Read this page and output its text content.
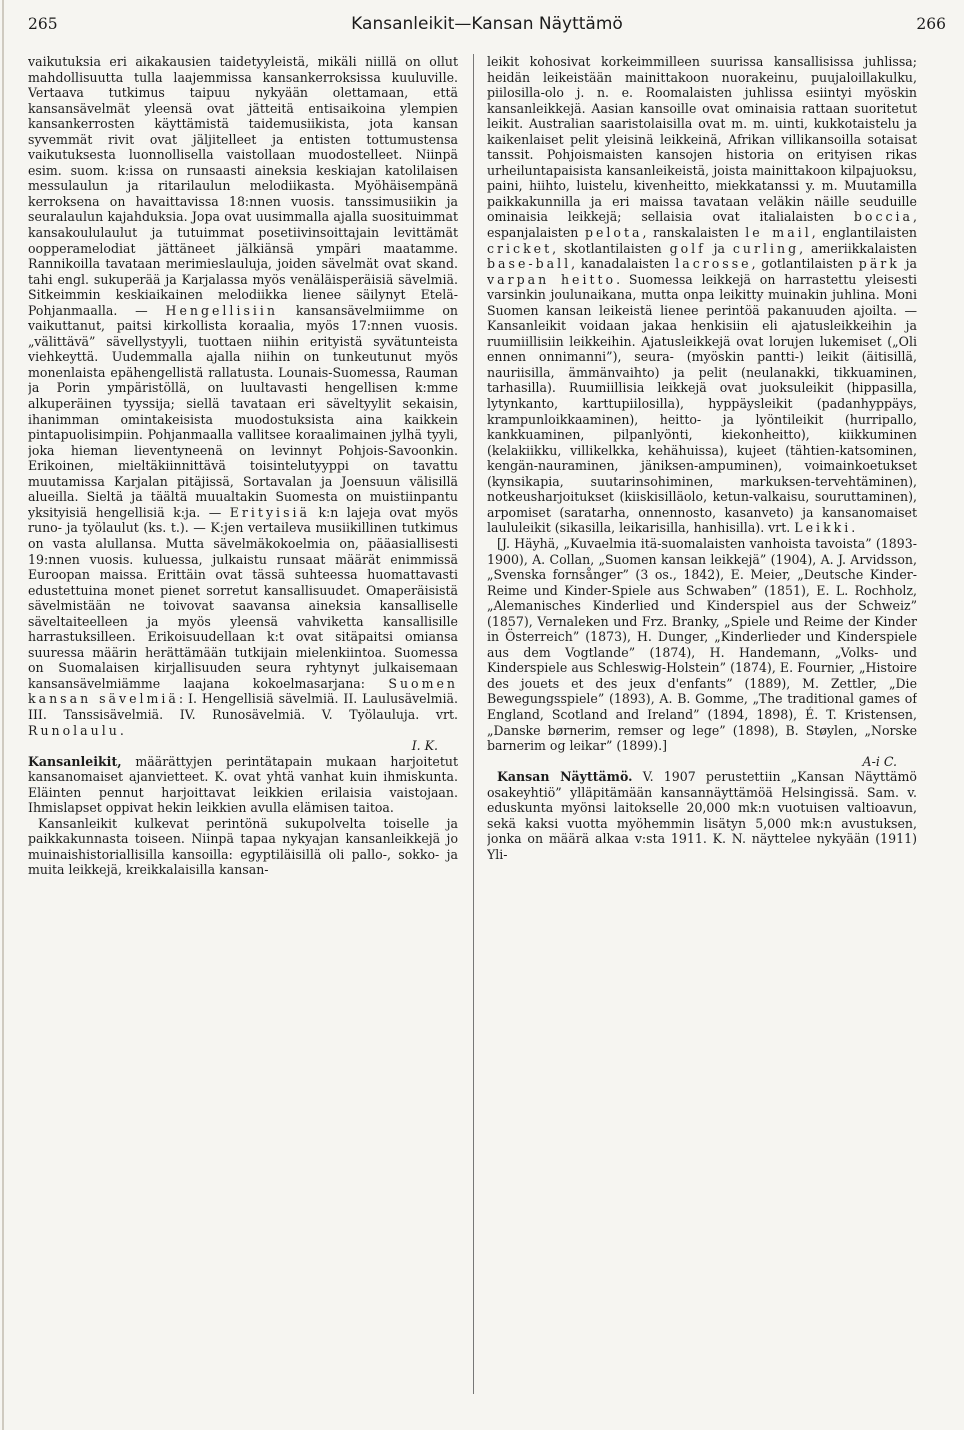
265	Kansanleikit—Kansan Näyttämö	266

vaikutuksia eri aikakausien taidetyyleistä, mikäli niillä on ollut mahdollisuutta tulla laajemmissa kansankerroksissa kuuluville. Vertaava tutkimus taipuu nykyään olettamaan, että kansansävelmät yleensä ovat jätteitä entisaikoina ylempien kansankerrosten käyttämistä taidemusiikista, jota kansan syvemmät rivit ovat jäljitelleet ja entisten tottumustensa vaikutuksesta luonnollisella vaistollaan muodostelleet. Niinpä esim. suom. k:issa on runsaasti aineksia keskiajan katolilaisen messulaulun ja ritarilaulun melodiikasta. Myöhäisempänä kerroksena on havaittavissa 18:nnen vuosis. tanssimusiikin ja seuralaulun kajahduksia. Jopa ovat uusimmalla ajalla suosituimmat kansakoululaulut ja tutuimmat posetiivinsoittajain levittämät oopperamelodiat jättäneet jälkiänsä ympäri maatamme. Rannikoilla tavataan merimieslauluja, joiden sävelmät ovat skand. tahi engl. sukuperää ja Karjalassa myös venäläisperäisiä sävelmiä. Sitkeimmin keskiaikainen melodiikka lienee säilynyt Etelä-Pohjanmaalla. — Hengellisiin kansansävelmiimme on vaikuttanut, paitsi kirkollista koraalia, myös 17:nnen vuosis. „välittävä” sävellystyyli, tuottaen niihin erityistä syvätunteista viehkeyttä. Uudemmalla ajalla niihin on tunkeutunut myös monenlaista epähengellistä rallatusta. Lounais-Suomessa, Rauman ja Porin ympäristöllä, on luultavasti hengellisen k:mme alkuperäinen tyyssija; siellä tavataan eri säveltyylit sekaisin, ihanimman omintakeisista muodostuksista aina kaikkein pintapuolisimpiin. Pohjanmaalla vallitsee koraalimainen jylhä tyyli, joka hieman lieventyneenä on levinnyt Pohjois-Savoonkin. Erikoinen, mieltäkiinnittävä toisintelutyyppi on tavattu muutamissa Karjalan pitäjissä, Sortavalan ja Joensuun välisillä alueilla. Sieltä ja täältä muualtakin Suomesta on muistiinpantu yksityisiä hengellisiä k:ja. — Erityisiä k:n lajeja ovat myös runo- ja työlaulut (ks. t.). — K:jen vertaileva musiikillinen tutkimus on vasta alullansa. Mutta sävelmäkokoelmia on, pääasiallisesti 19:nnen vuosis. kuluessa, julkaistu runsaat määrät enimmissä Euroopan maissa. Erittäin ovat tässä suhteessa huomattavasti edustettuina monet pienet sorretut kansallisuudet. Omaperäisistä sävelmistään ne toivovat saavansa aineksia kansalliselle säveltaiteelleen ja myös yleensä vahviketta kansallisille harrastuksilleen. Erikoisuudellaan k:t ovat sitäpaitsi omiansa suuressa määrin herättämään tutkijain mielenkiintoa. Suomessa on Suomalaisen kirjallisuuden seura ryhtynyt julkaisemaan kansansävelmiämme laajana kokoelmasarjana: Suomen kansan sävelmiä: I. Hengellisiä sävelmiä. II. Laulusävelmiä. III. Tanssisävelmiä. IV. Runosävelmiä. V. Työlauluja. vrt. Runolaulu.

I. K.

Kansanleikit, määrättyjen perintätapain mukaan harjoitetut kansanomaiset ajanvietteet. K. ovat yhtä vanhat kuin ihmiskunta. Eläinten pennut harjoittavat leikkien erilaisia vaistojaan. Ihmislapset oppivat hekin leikkien avulla elämisen taitoa.

Kansanleikit kulkevat perintönä sukupolvelta toiselle ja paikkakunnasta toiseen. Niinpä tapaa nykyajan kansanleikkejä jo muinaishistoriallisilla kansoilla: egyptiläisillä oli pallo-, sokko- ja muita leikkejä, kreikkalaisilla kansan-

leikit kohosivat korkeimmilleen suurissa kansallisissa juhlissa; heidän leikeistään mainittakoon nuorakeinu, puujaloillakulku, piilosilla-olo j. n. e. Roomalaisten juhlissa esiintyi myöskin kansanleikkejä. Aasian kansoille ovat ominaisia rattaan suoritetut leikit. Australian saaristolaisilla ovat m. m. uinti, kukkotaistelu ja kaikenlaiset pelit yleisinä leikkeinä, Afrikan villikansoilla sotaisat tanssit. Pohjoismaisten kansojen historia on erityisen rikas urheiluntapaisista kansanleikeistä, joista mainittakoon kilpajuoksu, paini, hiihto, luistelu, kivenheitto, miekkatanssi y. m. Muutamilla paikkakunnilla ja eri maissa tavataan veläkin näille seuduille ominaisia leikkejä; sellaisia ovat italialaisten boccia, espanjalaisten pelota, ranskalaisten le mail, englantilaisten cricket, skotlantilaisten golf ja curling, ameriikkalaisten base-ball, kanadalaisten lacrosse, gotlantilaisten pärk ja varpan heitto. Suomessa leikkejä on harrastettu yleisesti varsinkin joulunaikana, mutta onpa leikitty muinakin juhlina. Moni Suomen kansan leikeistä lienee perintöä pakanuuden ajoilta. — Kansanleikit voidaan jakaa henkisiin eli ajatusleikkeihin ja ruumiillisiin leikkeihin. Ajatusleikkejä ovat lorujen lukemiset („Oli ennen onnimanni”), seura- (myöskin pantti-) leikit (äitisillä, nauriisilla, ämmänvaihto) ja pelit (neulanakki, tikkuaminen, tarhasilla). Ruumiillisia leikkejä ovat juoksuleikit (hippasilla, lytynkanto, karttupiilosilla), hyppäysleikit (padanhyppäys, krampunloikkaaminen), heitto- ja lyöntileikit (hurripallo, kankkuaminen, pilpanlyönti, kiekonheitto), kiikkuminen (kelakiikku, villikelkka, kehähuissa), kujeet (tähtien-katsominen, kengän-nauraminen, jäniksen-ampuminen), voimainkoetukset (kynsikapia, suutarinsohiminen, markuksen-tervehtäminen), notkeusharjoitukset (kiiskisilläolo, ketun-valkaisu, souruttaminen), arpomiset (saratarha, onnennosto, kasanveto) ja kansanomaiset laululeikit (sikasilla, leikarisilla, hanhisilla). vrt. Leikki.

[J. Häyhä, „Kuvaelmia itä-suomalaisten vanhoista tavoista” (1893-1900), A. Collan, „Suomen kansan leikkejä” (1904), A. J. Arvidsson, „Svenska fornsånger” (3 os., 1842), E. Meier, „Deutsche Kinder-Reime und Kinder-Spiele aus Schwaben” (1851), E. L. Rochholz, „Alemanisches Kinderlied und Kinderspiel aus der Schweiz” (1857), Vernaleken und Frz. Branky, „Spiele und Reime der Kinder in Österreich” (1873), H. Dunger, „Kinderlieder und Kinderspiele aus dem Vogtlande” (1874), H. Handemann, „Volks- und Kinderspiele aus Schleswig-Holstein” (1874), E. Fournier, „Histoire des jouets et des jeux d'enfants” (1889), M. Zettler, „Die Bewegungsspiele” (1893), A. B. Gomme, „The traditional games of England, Scotland and Ireland” (1894, 1898), É. T. Kristensen, „Danske børnerim, remser og lege” (1898), B. Støylen, „Norske barnerim og leikar” (1899).]

A-i C.

Kansan Näyttämö. V. 1907 perustettiin „Kansan Näyttämö osakeyhtiö” ylläpitämään kansannäyttämöä Helsingissä. Sam. v. eduskunta myönsi laitokselle 20,000 mk:n vuotuisen valtioavun, sekä kaksi vuotta myöhemmin lisätyn 5,000 mk:n avustuksen, jonka on määrä alkaa v:sta 1911. K. N. näyttelee nykyään (1911) Yli-
